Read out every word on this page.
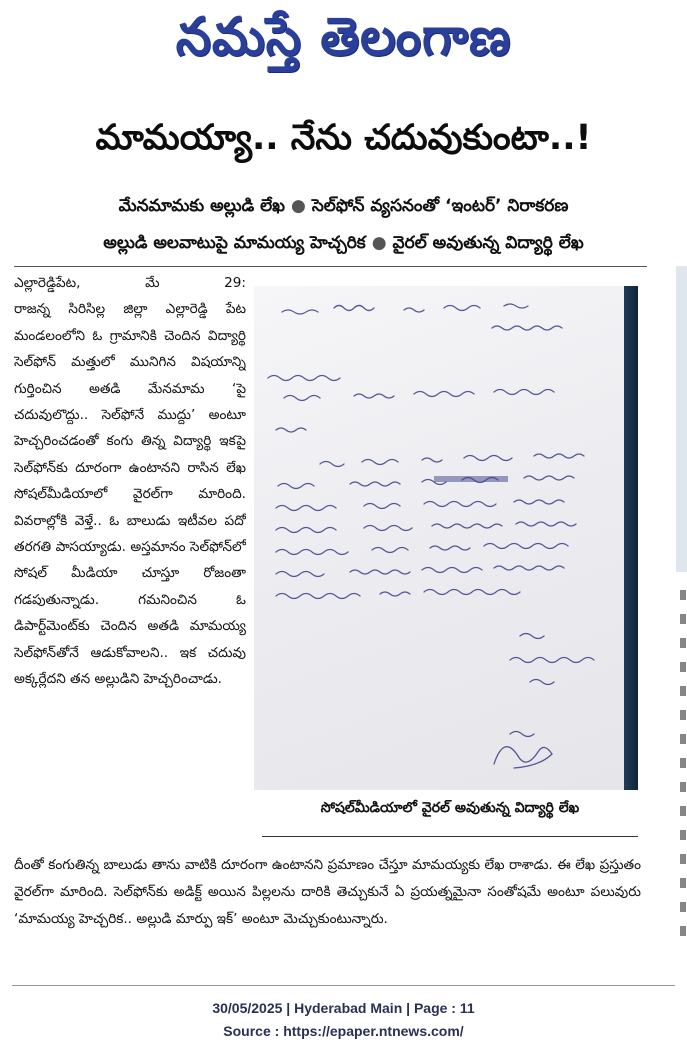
నమస్తే తెలంగాణ
మామయ్యా.. నేను చదువుకుంటా..!
మేనమామకు అల్లుడి లేఖ ● సెల్‌ఫోన్ వ్యసనంతో ‘ఇంటర్’ నిరాకరణ
అల్లుడి అలవాటుపై మామయ్య హెచ్చరిక ● వైరల్ అవుతున్న విద్యార్థి లేఖ

ఎల్లారెడ్డిపేట, మే 29:

రాజన్న సిరిసిల్ల జిల్లా ఎల్లారెడ్డి పేట మండలంలోని ఓ గ్రామానికి చెందిన విద్యార్థి సెల్‌ఫోన్ మత్తులో మునిగిన విషయాన్ని గుర్తించిన అతడి మేనమామ ‘పై చదువులొద్దు.. సెల్‌ఫోనే ముద్దు’ అంటూ హెచ్చరించడంతో కంగు తిన్న విద్యార్థి ఇకపై సెల్‌ఫోన్‌కు దూరంగా ఉంటానని రాసిన లేఖ సోషల్‌మీడియాలో వైరల్‌గా మారింది. వివరాల్లోకి వెళ్తే.. ఓ బాలుడు ఇటీవల పదో తరగతి పాసయ్యాడు. అస్తమానం సెల్‌ఫోన్‌లో సోషల్ మీడియా చూస్తూ రోజంతా గడపుతున్నాడు. గమనించిన ఓ డిపార్ట్‌మెంట్‌కు చెందిన అతడి మామయ్య సెల్‌ఫోన్‌తోనే ఆడుకోవాలని.. ఇక చదువు అక్కర్లేదని తన అల్లుడిని హెచ్చరించాడు.

సోషల్‌మీడియాలో వైరల్ అవుతున్న విద్యార్థి లేఖ
దీంతో కంగుతిన్న బాలుడు తాను వాటికి దూరంగా ఉంటానని ప్రమాణం చేస్తూ మామయ్యకు లేఖ రాశాడు. ఈ లేఖ ప్రస్తుతం వైరల్‌గా మారింది. సెల్‌ఫోన్‌కు అడిక్ట్ అయిన పిల్లలను దారికి తెచ్చుకునే ఏ ప్రయత్నమైనా సంతోషమే అంటూ పలువురు ‘మామయ్య హెచ్చరిక.. అల్లుడి మార్పు ఇక్’ అంటూ మెచ్చుకుంటున్నారు.
30/05/2025 | Hyderabad Main | Page : 11
Source : https://epaper.ntnews.com/
